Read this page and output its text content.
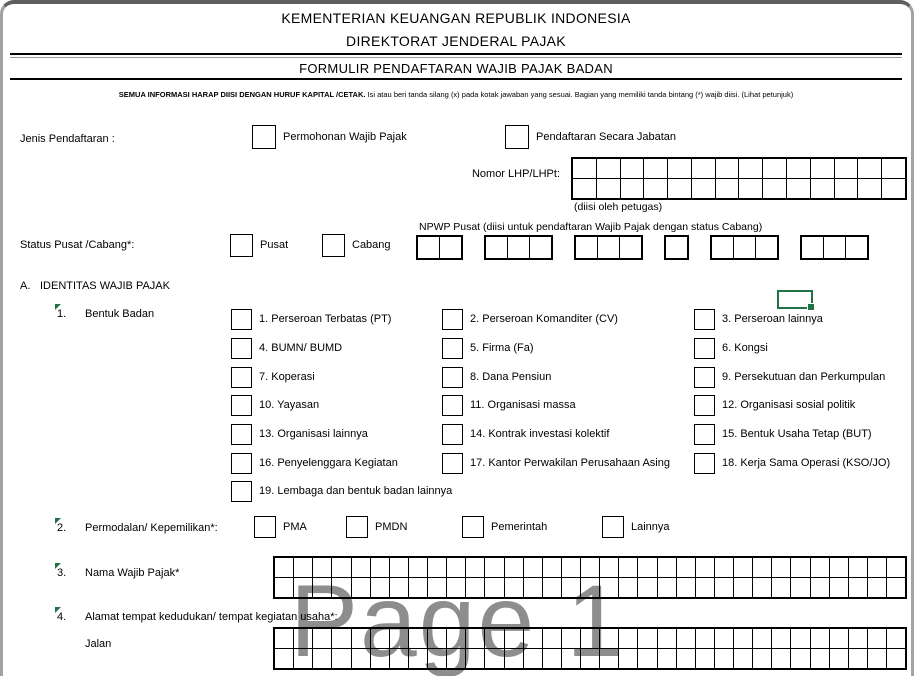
Page 1
KEMENTERIAN KEUANGAN REPUBLIK INDONESIA
DIREKTORAT JENDERAL PAJAK
FORMULIR PENDAFTARAN WAJIB PAJAK BADAN
SEMUA INFORMASI HARAP DIISI DENGAN HURUF KAPITAL /CETAK. Isi atau beri tanda silang (x) pada kotak jawaban yang sesuai. Bagian yang memiliki tanda bintang (*) wajib diisi. (Lihat petunjuk)
Jenis Pendaftaran :	Permohonan Wajib Pajak	Pendaftaran Secara Jabatan
Nomor LHP/LHPt:
(diisi oleh petugas)
NPWP Pusat (diisi untuk pendaftaran Wajib Pajak dengan status Cabang)
Status Pusat /Cabang*:	Pusat	Cabang
A. IDENTITAS WAJIB PAJAK
1. Bentuk Badan	1. Perseroan Terbatas (PT)	2. Perseroan Komanditer (CV)	3. Perseroan lainnya
4. BUMN/ BUMD	5. Firma (Fa)	6. Kongsi
7. Koperasi	8. Dana Pensiun	9. Persekutuan dan Perkumpulan
10. Yayasan	11. Organisasi massa	12. Organisasi sosial politik
13. Organisasi lainnya	14. Kontrak investasi kolektif	15. Bentuk Usaha Tetap (BUT)
16. Penyelenggara Kegiatan	17. Kantor Perwakilan Perusahaan Asing	18. Kerja Sama Operasi (KSO/JO)
19. Lembaga dan bentuk badan lainnya
2. Permodalan/ Kepemilikan*:	PMA	PMDN	Pemerintah	Lainnya
3. Nama Wajib Pajak*
4. Alamat tempat kedudukan/ tempat kegiatan usaha*:
Jalan
